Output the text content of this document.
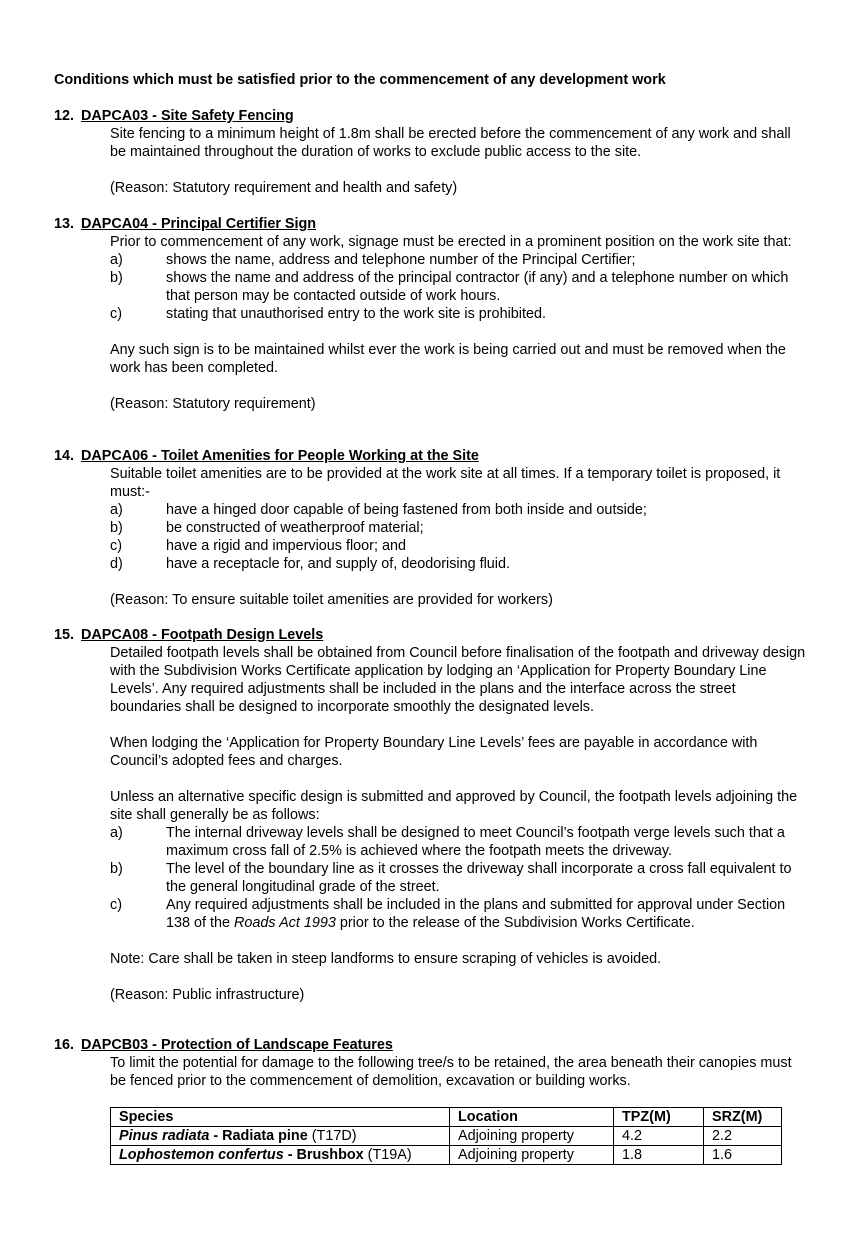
Conditions which must be satisfied prior to the commencement of any development work
12. DAPCA03 - Site Safety Fencing

Site fencing to a minimum height of 1.8m shall be erected before the commencement of any work and shall be maintained throughout the duration of works to exclude public access to the site.

(Reason: Statutory requirement and health and safety)

13. DAPCA04 - Principal Certifier Sign
Prior to commencement of any work, signage must be erected in a prominent position on the work site that:
a)	shows the name, address and telephone number of the Principal Certifier;
b)	shows the name and address of the principal contractor (if any) and a telephone number on which that person may be contacted outside of work hours.
c)	stating that unauthorised entry to the work site is prohibited.

Any such sign is to be maintained whilst ever the work is being carried out and must be removed when the work has been completed.

(Reason: Statutory requirement)

14. DAPCA06 - Toilet Amenities for People Working at the Site
Suitable toilet amenities are to be provided at the work site at all times. If a temporary toilet is proposed, it must:-
a)	have a hinged door capable of being fastened from both inside and outside;
b)	be constructed of weatherproof material;
c)	have a rigid and impervious floor; and
d)	have a receptacle for, and supply of, deodorising fluid.

(Reason: To ensure suitable toilet amenities are provided for workers)

15. DAPCA08 - Footpath Design Levels

Detailed footpath levels shall be obtained from Council before finalisation of the footpath and driveway design with the Subdivision Works Certificate application by lodging an ‘Application for Property Boundary Line Levels’. Any required adjustments shall be included in the plans and the interface across the street boundaries shall be designed to incorporate smoothly the designated levels.

When lodging the ‘Application for Property Boundary Line Levels’ fees are payable in accordance with Council’s adopted fees and charges.

Unless an alternative specific design is submitted and approved by Council, the footpath levels adjoining the site shall generally be as follows:
a)	The internal driveway levels shall be designed to meet Council’s footpath verge levels such that a maximum cross fall of 2.5% is achieved where the footpath meets the driveway.
b)	The level of the boundary line as it crosses the driveway shall incorporate a cross fall equivalent to the general longitudinal grade of the street.
c)	Any required adjustments shall be included in the plans and submitted for approval under Section 138 of the Roads Act 1993 prior to the release of the Subdivision Works Certificate.

Note: Care shall be taken in steep landforms to ensure scraping of vehicles is avoided.

(Reason: Public infrastructure)

16. DAPCB03 - Protection of Landscape Features
To limit the potential for damage to the following tree/s to be retained, the area beneath their canopies must be fenced prior to the commencement of demolition, excavation or building works.
Species	Location	TPZ(M)	SRZ(M)
Pinus radiata - Radiata pine (T17D)	Adjoining property	4.2	2.2
Lophostemon confertus - Brushbox (T19A)	Adjoining property	1.8	1.6
